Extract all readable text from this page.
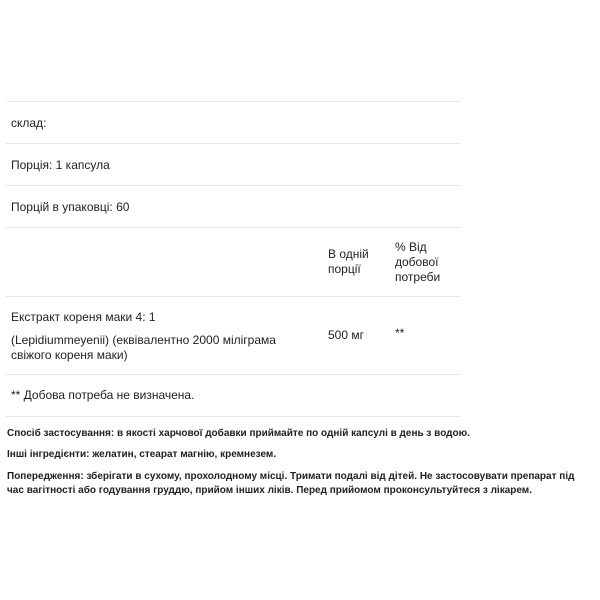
склад:
Порція: 1 капсула
Порцій в упаковці: 60
В одній порції
% Від добової потреби
Екстракт кореня маки 4: 1
(Lepidiummeyenii) (еквівалентно 2000 міліграма свіжого кореня маки)
500 мг	**
** Добова потреба не визначена.

Спосіб застосування: в якості харчової добавки приймайте по одній капсулі в день з водою.

Інші інгредієнти: желатин, стеарат магнію, кремнезем.

Попередження: зберігати в сухому, прохолодному місці. Тримати подалі від дітей. Не застосовувати препарат під час вагітності або годування груддю, прийом інших ліків. Перед прийомом проконсультуйтеся з лікарем.
